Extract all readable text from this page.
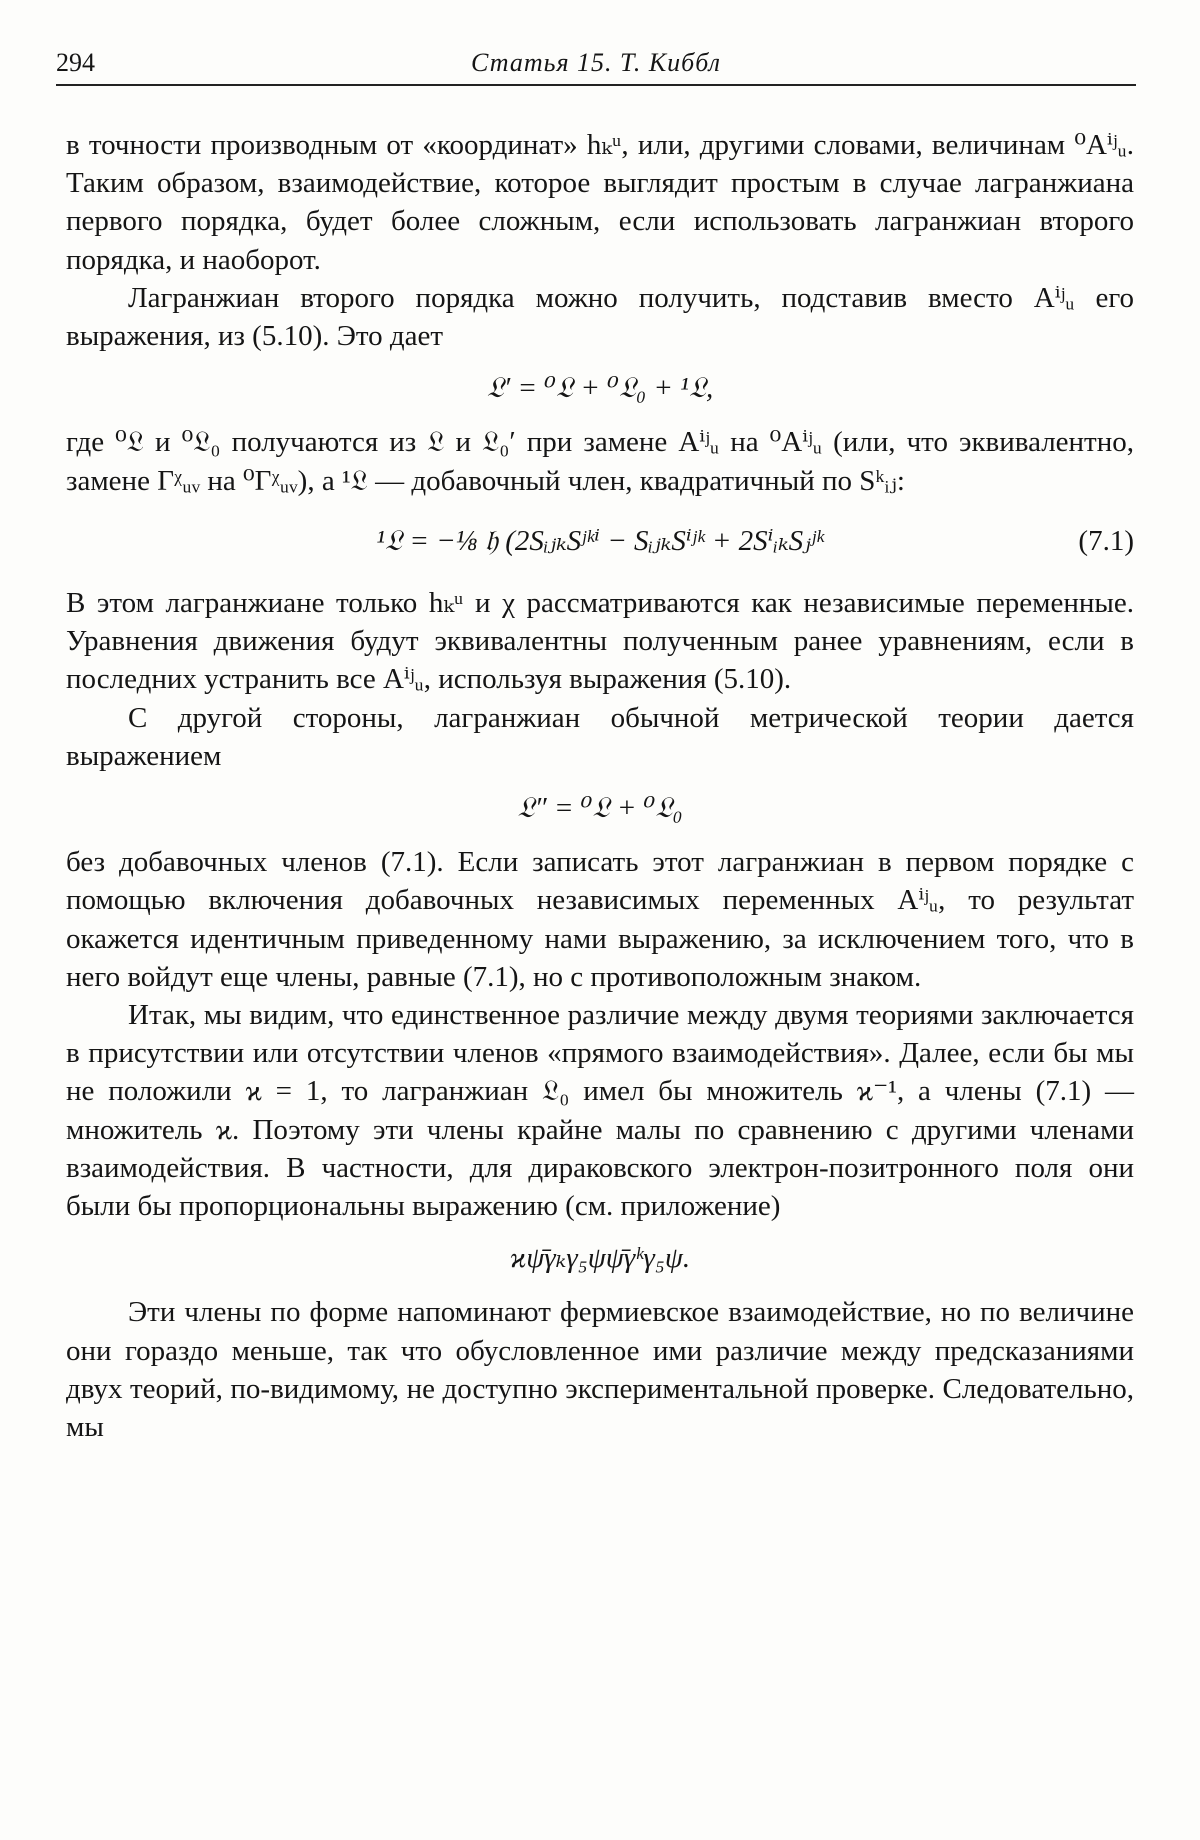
294	Статья 15. Т. Киббл

в точности производным от «координат» hₖᵘ, или, другими словами, величинам ⁰Aⁱʲᵤ. Таким образом, взаимодействие, которое выглядит простым в случае лагранжиана первого порядка, будет более сложным, если использовать лагранжиан второго порядка, и наоборот.

Лагранжиан второго порядка можно получить, подставив вместо Aⁱʲᵤ его выражения, из (5.10). Это дает

𝔏′ = ⁰𝔏 + ⁰𝔏₀ + ¹𝔏,

где ⁰𝔏 и ⁰𝔏₀ получаются из 𝔏 и 𝔏₀′ при замене Aⁱʲᵤ на ⁰Aⁱʲᵤ (или, что эквивалентно, замене Γᵡᵤᵥ на ⁰Γᵡᵤᵥ), а ¹𝔏 — добавочный член, квадратичный по Sᵏᵢⱼ:

¹𝔏 = −⅛ 𝔥 (2SᵢⱼₖSʲᵏⁱ − SᵢⱼₖSⁱʲᵏ + 2SⁱᵢₖSⱼʲᵏ	(7.1)

В этом лагранжиане только hₖᵘ и χ рассматриваются как независимые переменные. Уравнения движения будут эквивалентны полученным ранее уравнениям, если в последних устранить все Aⁱʲᵤ, используя выражения (5.10).

С другой стороны, лагранжиан обычной метрической теории дается выражением

𝔏″ = ⁰𝔏 + ⁰𝔏₀

без добавочных членов (7.1). Если записать этот лагранжиан в первом порядке с помощью включения добавочных независимых переменных Aⁱʲᵤ, то результат окажется идентичным приведенному нами выражению, за исключением того, что в него войдут еще члены, равные (7.1), но с противоположным знаком.

Итак, мы видим, что единственное различие между двумя теориями заключается в присутствии или отсутствии членов «прямого взаимодействия». Далее, если бы мы не положили ϰ = 1, то лагранжиан 𝔏₀ имел бы множитель ϰ⁻¹, а члены (7.1) — множитель ϰ. Поэтому эти члены крайне малы по сравнению с другими членами взаимодействия. В частности, для дираковского электрон-позитронного поля они были бы пропорциональны выражению (см. приложение)

ϰψ̄γₖγ₅ψψ̄γᵏγ₅ψ.

Эти члены по форме напоминают фермиевское взаимодействие, но по величине они гораздо меньше, так что обусловленное ими различие между предсказаниями двух теорий, по-видимому, не доступно экспериментальной проверке. Следовательно, мы
